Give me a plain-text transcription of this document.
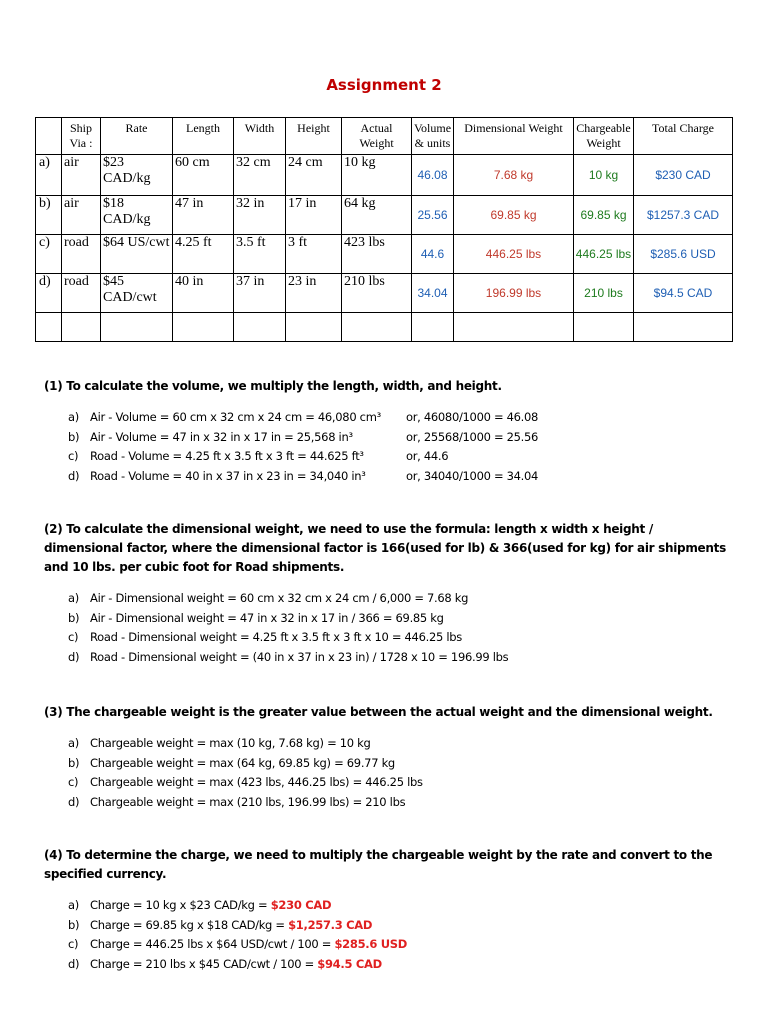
Assignment 2
	Ship Via :	Rate	Length	Width	Height	Actual Weight	Volume & units	Dimensional Weight	Chargeable Weight	Total Charge
a)	air	$23 CAD/kg	60 cm	32 cm	24 cm	10 kg	46.08	7.68 kg	10 kg	$230 CAD
b)	air	$18 CAD/kg	47 in	32 in	17 in	64 kg	25.56	69.85 kg	69.85 kg	$1257.3 CAD
c)	road	$64 US/cwt	4.25 ft	3.5 ft	3 ft	423 lbs	44.6	446.25 lbs	446.25 lbs	$285.6 USD
d)	road	$45 CAD/cwt	40 in	37 in	23 in	210 lbs	34.04	196.99 lbs	210 lbs	$94.5 CAD

(1) To calculate the volume, we multiply the length, width, and height.

a) Air - Volume = 60 cm x 32 cm x 24 cm = 46,080 cm³ or, 46080/1000 = 46.08
b) Air - Volume = 47 in x 32 in x 17 in = 25,568 in³	or, 25568/1000 = 25.56
c) Road - Volume = 4.25 ft x 3.5 ft x 3 ft = 44.625 ft³	or, 44.6
d) Road - Volume = 40 in x 37 in x 23 in = 34,040 in³	or, 34040/1000 = 34.04

(2) To calculate the dimensional weight, we need to use the formula: length x width x height / dimensional factor, where the dimensional factor is 166(used for lb) & 366(used for kg) for air shipments and 10 lbs. per cubic foot for Road shipments.

a) Air - Dimensional weight = 60 cm x 32 cm x 24 cm / 6,000 = 7.68 kg
b) Air - Dimensional weight = 47 in x 32 in x 17 in / 366 = 69.85 kg
c) Road - Dimensional weight = 4.25 ft x 3.5 ft x 3 ft x 10 = 446.25 lbs
d) Road - Dimensional weight = (40 in x 37 in x 23 in) / 1728 x 10 = 196.99 lbs

(3) The chargeable weight is the greater value between the actual weight and the dimensional weight.

a) Chargeable weight = max (10 kg, 7.68 kg) = 10 kg
b) Chargeable weight = max (64 kg, 69.85 kg) = 69.77 kg
c) Chargeable weight = max (423 lbs, 446.25 lbs) = 446.25 lbs
d) Chargeable weight = max (210 lbs, 196.99 lbs) = 210 lbs

(4) To determine the charge, we need to multiply the chargeable weight by the rate and convert to the specified currency.

a) Charge = 10 kg x $23 CAD/kg = $230 CAD
b) Charge = 69.85 kg x $18 CAD/kg = $1,257.3 CAD
c) Charge = 446.25 lbs x $64 USD/cwt / 100 = $285.6 USD
d) Charge = 210 lbs x $45 CAD/cwt / 100 = $94.5 CAD
